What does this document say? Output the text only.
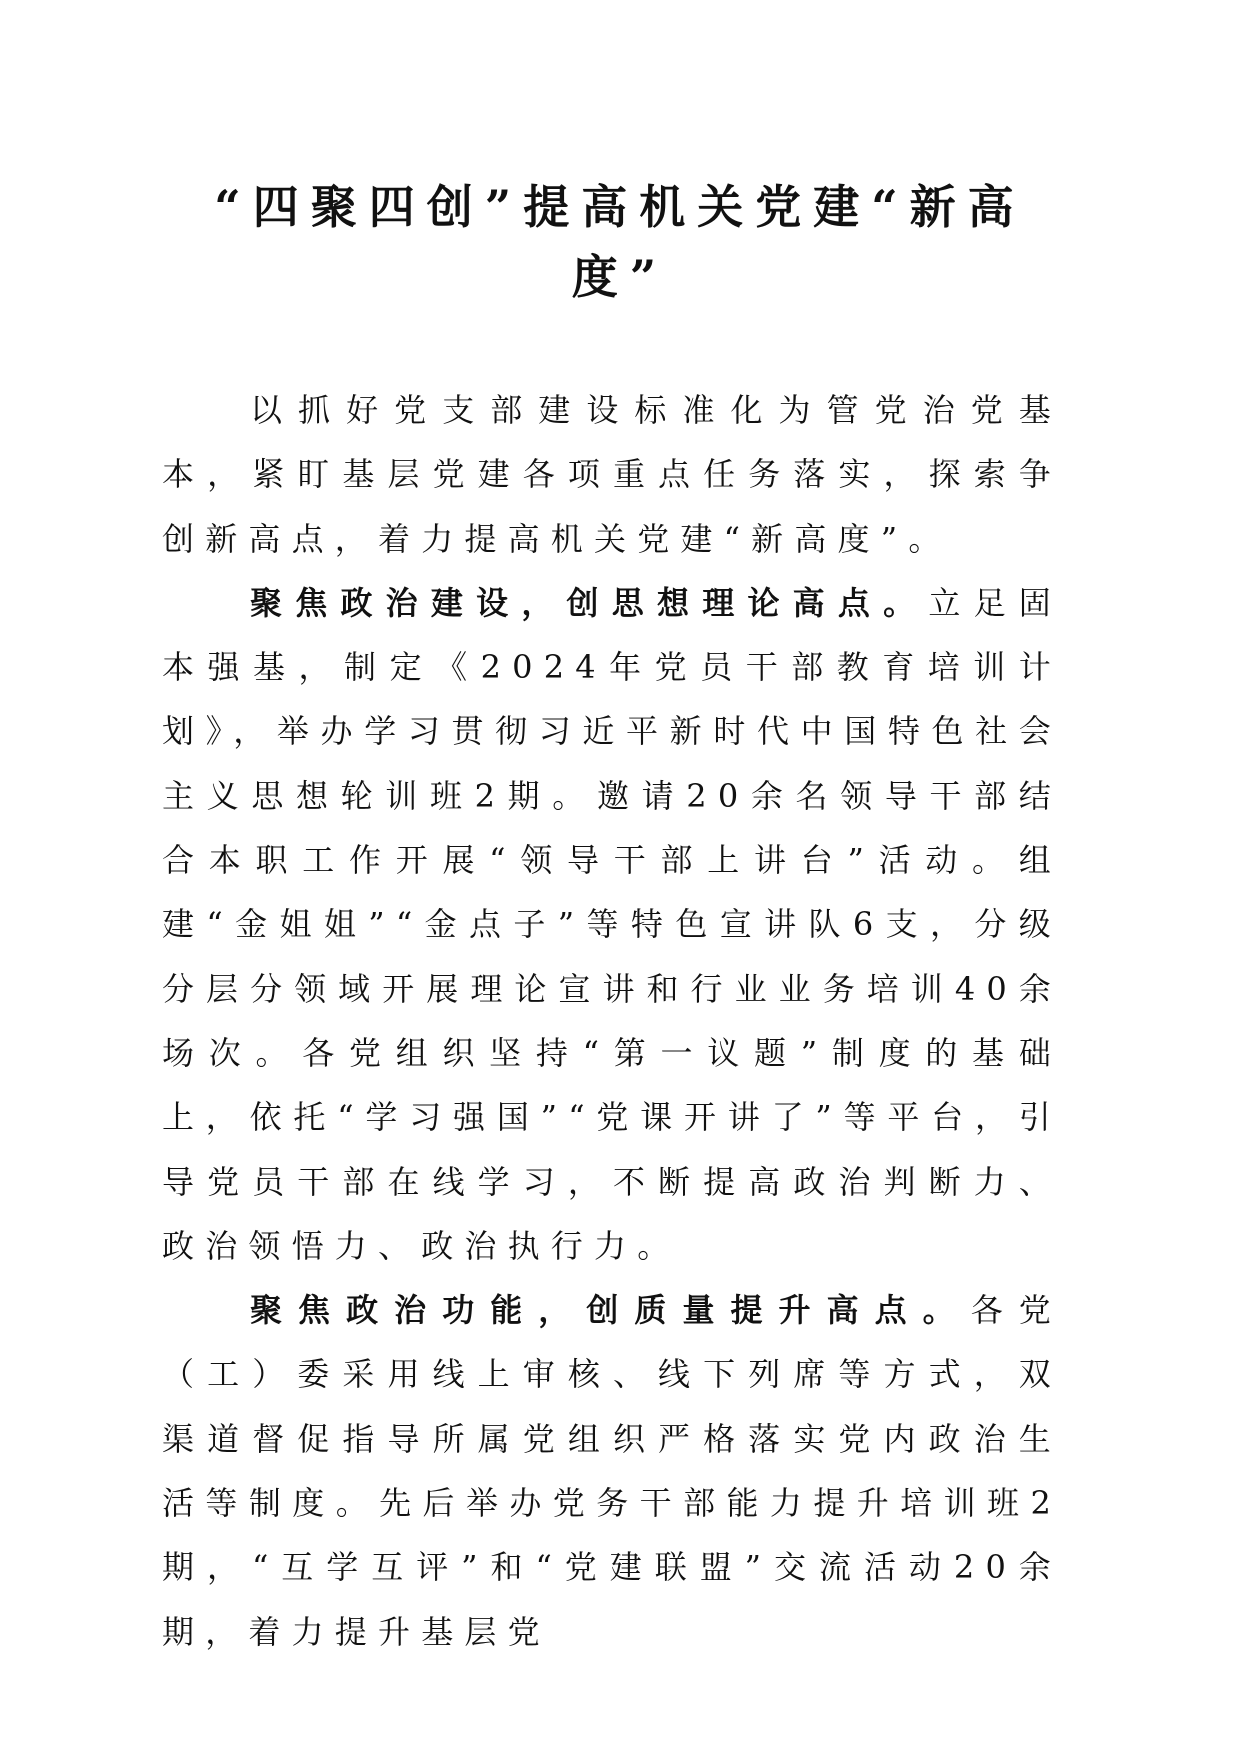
“四聚四创”提高机关党建“新高度”

以抓好党支部建设标准化为管党治党基本，紧盯基层党建各项重点任务落实，探索争创新高点，着力提高机关党建“新高度”。

聚焦政治建设，创思想理论高点。立足固本强基，制定《2024年党员干部教育培训计划》，举办学习贯彻习近平新时代中国特色社会主义思想轮训班2期。邀请20余名领导干部结合本职工作开展“领导干部上讲台”活动。组建“金姐姐”“金点子”等特色宣讲队6支，分级分层分领域开展理论宣讲和行业业务培训40余场次。各党组织坚持“第一议题”制度的基础上，依托“学习强国”“党课开讲了”等平台，引导党员干部在线学习，不断提高政治判断力、政治领悟力、政治执行力。

聚焦政治功能，创质量提升高点。各党（工）委采用线上审核、线下列席等方式，双渠道督促指导所属党组织严格落实党内政治生活等制度。先后举办党务干部能力提升培训班2期，“互学互评”和“党建联盟”交流活动20余期，着力提升基层党
